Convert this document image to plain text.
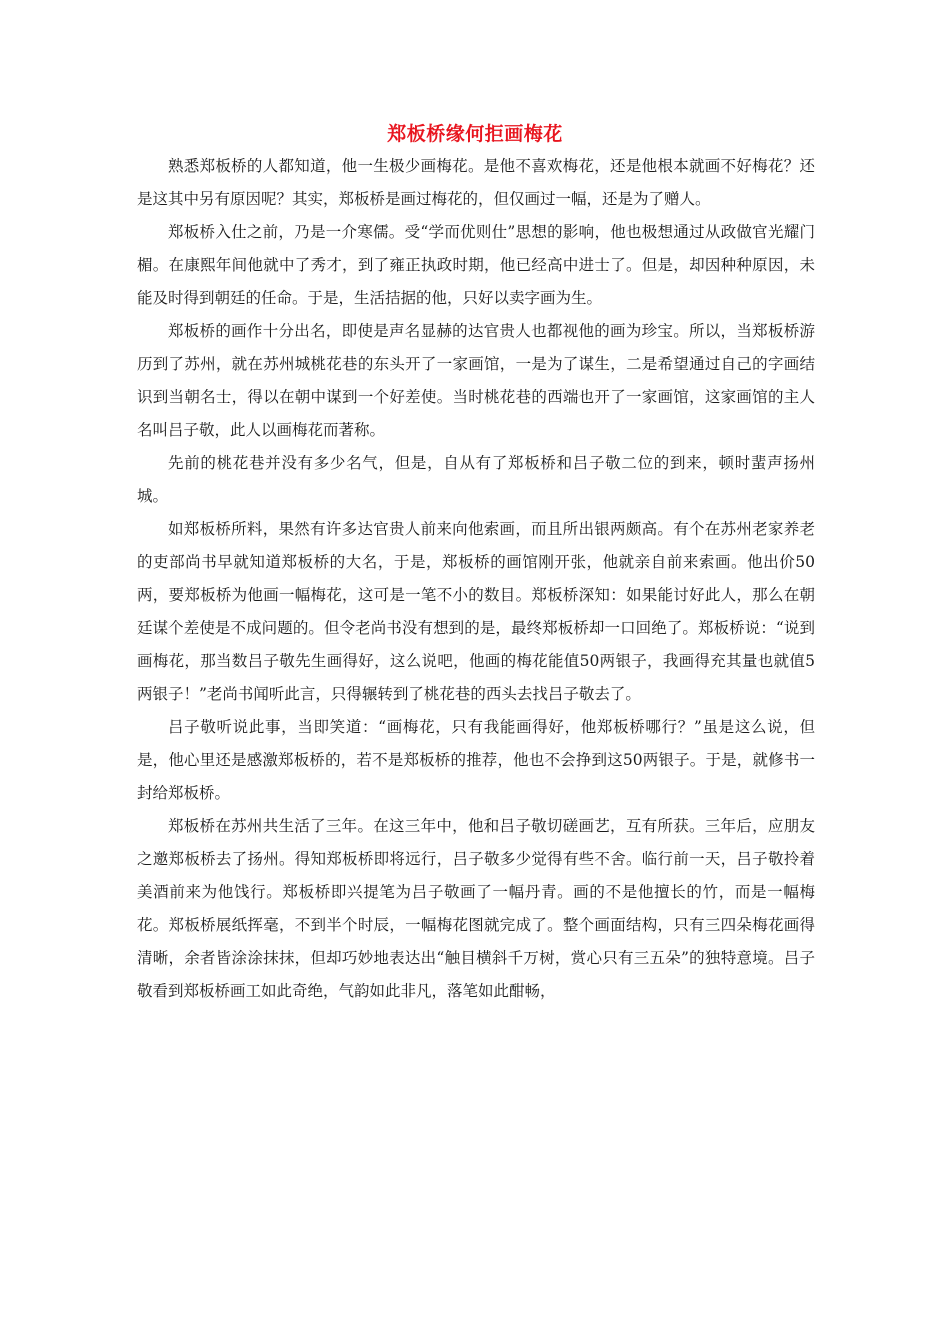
郑板桥缘何拒画梅花

熟悉郑板桥的人都知道，他一生极少画梅花。是他不喜欢梅花，还是他根本就画不好梅花？还是这其中另有原因呢？其实，郑板桥是画过梅花的，但仅画过一幅，还是为了赠人。

郑板桥入仕之前，乃是一介寒儒。受“学而优则仕”思想的影响，他也极想通过从政做官光耀门楣。在康熙年间他就中了秀才，到了雍正执政时期，他已经高中进士了。但是，却因种种原因，未能及时得到朝廷的任命。于是，生活拮据的他，只好以卖字画为生。

郑板桥的画作十分出名，即使是声名显赫的达官贵人也都视他的画为珍宝。所以，当郑板桥游历到了苏州，就在苏州城桃花巷的东头开了一家画馆，一是为了谋生，二是希望通过自己的字画结识到当朝名士，得以在朝中谋到一个好差使。当时桃花巷的西端也开了一家画馆，这家画馆的主人名叫吕子敬，此人以画梅花而著称。

先前的桃花巷并没有多少名气，但是，自从有了郑板桥和吕子敬二位的到来，顿时蜚声扬州城。

如郑板桥所料，果然有许多达官贵人前来向他索画，而且所出银两颇高。有个在苏州老家养老的吏部尚书早就知道郑板桥的大名，于是，郑板桥的画馆刚开张，他就亲自前来索画。他出价50两，要郑板桥为他画一幅梅花，这可是一笔不小的数目。郑板桥深知：如果能讨好此人，那么在朝廷谋个差使是不成问题的。但令老尚书没有想到的是，最终郑板桥却一口回绝了。郑板桥说：“说到画梅花，那当数吕子敬先生画得好，这么说吧，他画的梅花能值50两银子，我画得充其量也就值5两银子！”老尚书闻听此言，只得辗转到了桃花巷的西头去找吕子敬去了。

吕子敬听说此事，当即笑道：“画梅花，只有我能画得好，他郑板桥哪行？”虽是这么说，但是，他心里还是感激郑板桥的，若不是郑板桥的推荐，他也不会挣到这50两银子。于是，就修书一封给郑板桥。

郑板桥在苏州共生活了三年。在这三年中，他和吕子敬切磋画艺，互有所获。三年后，应朋友之邀郑板桥去了扬州。得知郑板桥即将远行，吕子敬多少觉得有些不舍。临行前一天，吕子敬拎着美酒前来为他饯行。郑板桥即兴提笔为吕子敬画了一幅丹青。画的不是他擅长的竹，而是一幅梅花。郑板桥展纸挥毫，不到半个时辰，一幅梅花图就完成了。整个画面结构，只有三四朵梅花画得清晰，余者皆涂涂抹抹，但却巧妙地表达出“触目横斜千万树，赏心只有三五朵”的独特意境。吕子敬看到郑板桥画工如此奇绝，气韵如此非凡，落笔如此酣畅，
